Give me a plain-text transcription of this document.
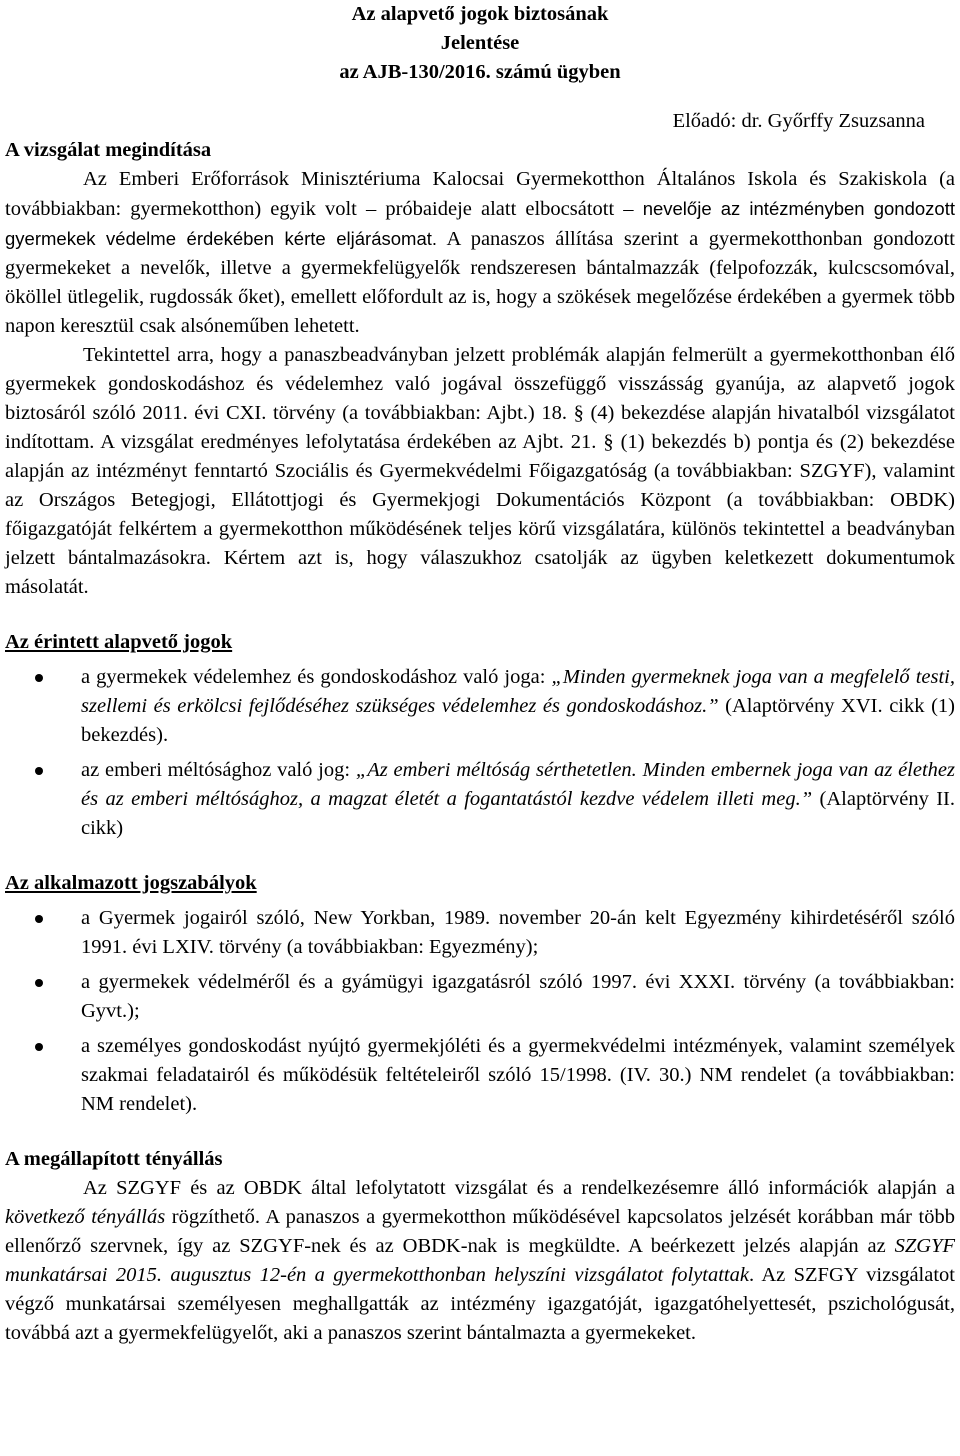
Az alapvető jogok biztosának

Jelentése

az AJB-130/2016. számú ügyben

Előadó: dr. Győrffy Zsuzsanna

A vizsgálat megindítása

Az Emberi Erőforrások Minisztériuma Kalocsai Gyermekotthon Általános Iskola és Szakiskola (a továbbiakban: gyermekotthon) egyik volt – próbaideje alatt elbocsátott – nevelője az intézményben gondozott gyermekek védelme érdekében kérte eljárásomat. A panaszos állítása szerint a gyermekotthonban gondozott gyermekeket a nevelők, illetve a gyermekfelügyelők rendszeresen bántalmazzák (felpofozzák, kulcscsomóval, ököllel ütlegelik, rugdossák őket), emellett előfordult az is, hogy a szökések megelőzése érdekében a gyermek több napon keresztül csak alsóneműben lehetett.

Tekintettel arra, hogy a panaszbeadványban jelzett problémák alapján felmerült a gyermekotthonban élő gyermekek gondoskodáshoz és védelemhez való jogával összefüggő visszásság gyanúja, az alapvető jogok biztosáról szóló 2011. évi CXI. törvény (a továbbiakban: Ajbt.) 18. § (4) bekezdése alapján hivatalból vizsgálatot indítottam. A vizsgálat eredményes lefolytatása érdekében az Ajbt. 21. § (1) bekezdés b) pontja és (2) bekezdése alapján az intézményt fenntartó Szociális és Gyermekvédelmi Főigazgatóság (a továbbiakban: SZGYF), valamint az Országos Betegjogi, Ellátottjogi és Gyermekjogi Dokumentációs Központ (a továbbiakban: OBDK) főigazgatóját felkértem a gyermekotthon működésének teljes körű vizsgálatára, különös tekintettel a beadványban jelzett bántalmazásokra. Kértem azt is, hogy válaszukhoz csatolják az ügyben keletkezett dokumentumok másolatát.

Az érintett alapvető jogok

a gyermekek védelemhez és gondoskodáshoz való joga: „Minden gyermeknek joga van a megfelelő testi, szellemi és erkölcsi fejlődéséhez szükséges védelemhez és gondoskodáshoz.” (Alaptörvény XVI. cikk (1) bekezdés).
az emberi méltósághoz való jog: „Az emberi méltóság sérthetetlen. Minden embernek joga van az élethez és az emberi méltósághoz, a magzat életét a fogantatástól kezdve védelem illeti meg.” (Alaptörvény II. cikk)

Az alkalmazott jogszabályok

a Gyermek jogairól szóló, New Yorkban, 1989. november 20-án kelt Egyezmény kihirdetéséről szóló 1991. évi LXIV. törvény (a továbbiakban: Egyezmény);
a gyermekek védelméről és a gyámügyi igazgatásról szóló 1997. évi XXXI. törvény (a továbbiakban: Gyvt.);
a személyes gondoskodást nyújtó gyermekjóléti és a gyermekvédelmi intézmények, valamint személyek szakmai feladatairól és működésük feltételeiről szóló 15/1998. (IV. 30.) NM rendelet (a továbbiakban: NM rendelet).

A megállapított tényállás

Az SZGYF és az OBDK által lefolytatott vizsgálat és a rendelkezésemre álló információk alapján a következő tényállás rögzíthető. A panaszos a gyermekotthon működésével kapcsolatos jelzését korábban már több ellenőrző szervnek, így az SZGYF-nek és az OBDK-nak is megküldte. A beérkezett jelzés alapján az SZGYF munkatársai 2015. augusztus 12-én a gyermekotthonban helyszíni vizsgálatot folytattak. Az SZFGY vizsgálatot végző munkatársai személyesen meghallgatták az intézmény igazgatóját, igazgatóhelyettesét, pszichológusát, továbbá azt a gyermekfelügyelőt, aki a panaszos szerint bántalmazta a gyermekeket.
